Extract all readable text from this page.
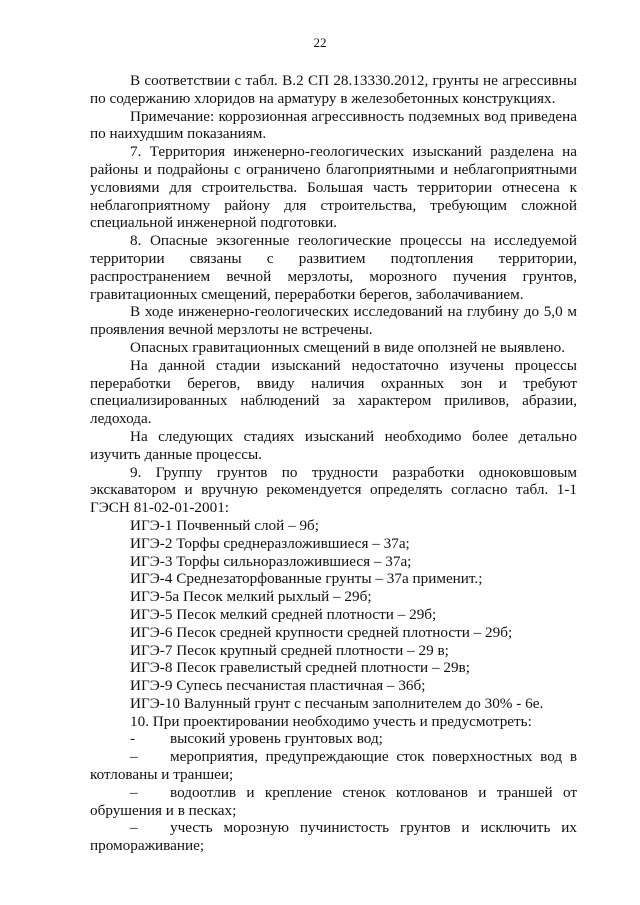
22

В соответствии с табл. В.2 СП 28.13330.2012, грунты не агрессивны по содержанию хлоридов на арматуру в железобетонных конструкциях.

Примечание: коррозионная агрессивность подземных вод приведена по наихудшим показаниям.

7. Территория инженерно-геологических изысканий разделена на районы и подрайоны с ограничено благоприятными и неблагоприятными условиями для строительства. Большая часть территории отнесена к неблагоприятному району для строительства, требующим сложной специальной инженерной подготовки.

8. Опасные экзогенные геологические процессы на исследуемой территории связаны с развитием подтопления территории, распространением вечной мерзлоты, морозного пучения грунтов, гравитационных смещений, переработки берегов, заболачиванием.

В ходе инженерно-геологических исследований на глубину до 5,0 м проявления вечной мерзлоты не встречены.

Опасных гравитационных смещений в виде оползней не выявлено.

На данной стадии изысканий недостаточно изучены процессы переработки берегов, ввиду наличия охранных зон и требуют специализированных наблюдений за характером приливов, абразии, ледохода.

На следующих стадиях изысканий необходимо более детально изучить данные процессы.

9. Группу грунтов по трудности разработки одноковшовым экскаватором и вручную рекомендуется определять согласно табл. 1-1 ГЭСН 81-02-01-2001:

ИГЭ-1 Почвенный слой – 9б;

ИГЭ-2 Торфы среднеразложившиеся – 37а;

ИГЭ-3 Торфы сильноразложившиеся – 37а;

ИГЭ-4 Среднезаторфованные грунты – 37а применит.;

ИГЭ-5а Песок мелкий рыхлый – 29б;

ИГЭ-5 Песок мелкий средней плотности – 29б;

ИГЭ-6 Песок средней крупности средней плотности – 29б;

ИГЭ-7 Песок крупный средней плотности – 29 в;

ИГЭ-8 Песок гравелистый средней плотности – 29в;

ИГЭ-9 Супесь песчанистая пластичная – 36б;

ИГЭ-10 Валунный грунт с песчаным заполнителем до 30% - 6е.

10. При проектировании необходимо учесть и предусмотреть:

- высокий уровень грунтовых вод;

– мероприятия, предупреждающие сток поверхностных вод в котлованы и траншеи;

– водоотлив и крепление стенок котлованов и траншей от обрушения и в песках;

– учесть морозную пучинистость грунтов и исключить их промораживание;
